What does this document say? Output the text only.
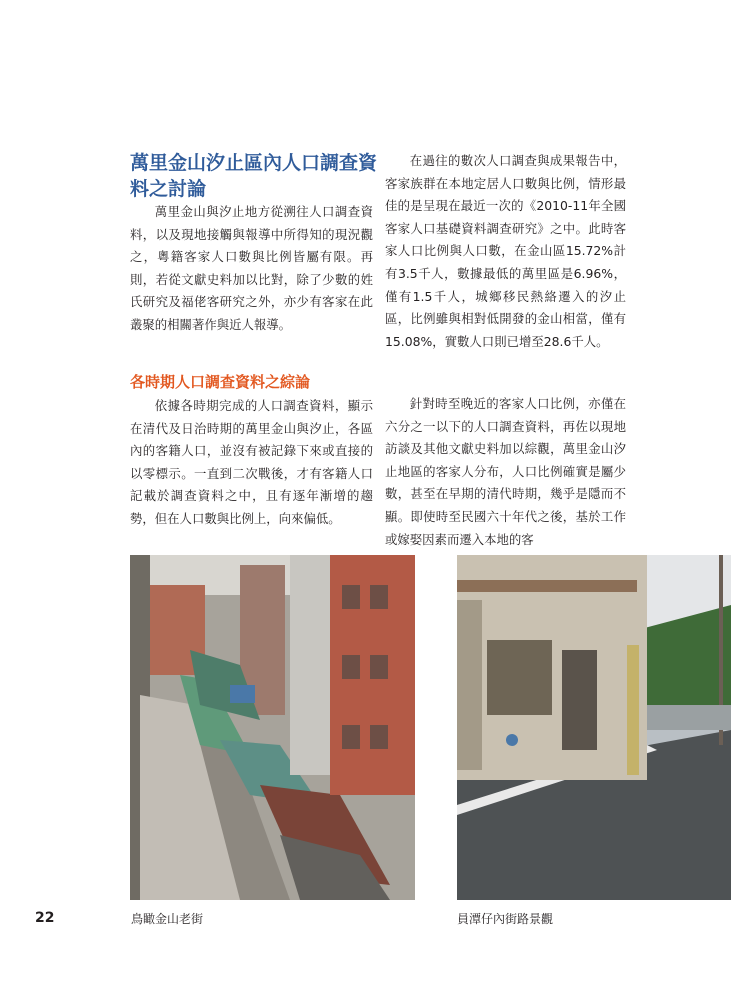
萬里金山汐止區內人口調查資料之討論

萬里金山與汐止地方從溯往人口調查資料，以及現地接觸與報導中所得知的現況觀之，粵籍客家人口數與比例皆屬有限。再則，若從文獻史料加以比對，除了少數的姓氏研究及福佬客研究之外，亦少有客家在此叢聚的相關著作與近人報導。

各時期人口調查資料之綜論

依據各時期完成的人口調查資料，顯示在清代及日治時期的萬里金山與汐止，各區內的客籍人口，並沒有被記錄下來或直接的以零標示。一直到二次戰後，才有客籍人口記載於調查資料之中，且有逐年漸增的趨勢，但在人口數與比例上，向來偏低。

在過往的數次人口調查與成果報告中，客家族群在本地定居人口數與比例，情形最佳的是呈現在最近一次的《2010-11年全國客家人口基礎資料調查研究》之中。此時客家人口比例與人口數，在金山區15.72%計有3.5千人，數據最低的萬里區是6.96%，僅有1.5千人，城鄉移民熱絡遷入的汐止區，比例雖與相對低開發的金山相當，僅有15.08%，實數人口則已增至28.6千人。

針對時至晚近的客家人口比例，亦僅在六分之一以下的人口調查資料，再佐以現地訪談及其他文獻史料加以綜觀，萬里金山汐止地區的客家人分布，人口比例確實是屬少數，甚至在早期的清代時期，幾乎是隱而不顯。即使時至民國六十年代之後，基於工作或嫁娶因素而遷入本地的客

鳥瞰金山老街	員潭仔內街路景觀
22
